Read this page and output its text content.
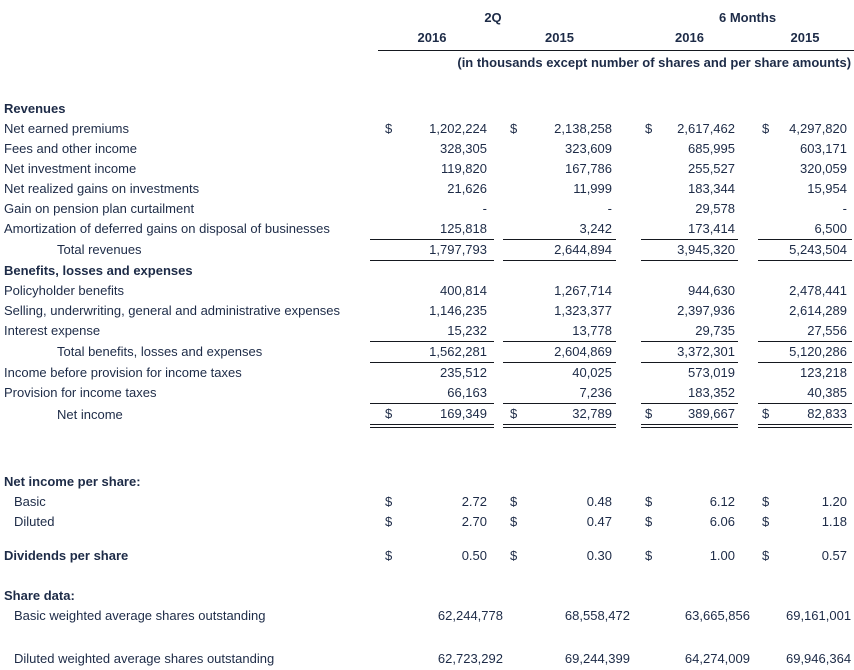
	2Q						6 Months					
	2016			2015			2016			2015		

(in thousands except number of shares and per share amounts)												

Revenues												
Net earned premiums	$	1,202,224		$	2,138,258		$	2,617,462		$	4,297,820	
Fees and other income		328,305			323,609			685,995			603,171	
Net investment income		119,820			167,786			255,527			320,059	
Net realized gains on investments		21,626			11,999			183,344			15,954	
Gain on pension plan curtailment		-			-			29,578			-	
Amortization of deferred gains on disposal of businesses		125,818			3,242			173,414			6,500	
Total revenues		1,797,793			2,644,894			3,945,320			5,243,504	
Benefits, losses and expenses												
Policyholder benefits		400,814			1,267,714			944,630			2,478,441	
Selling, underwriting, general and administrative expenses		1,146,235			1,323,377			2,397,936			2,614,289	
Interest expense		15,232			13,778			29,735			27,556	
Total benefits, losses and expenses		1,562,281			2,604,869			3,372,301			5,120,286	
Income before provision for income taxes		235,512			40,025			573,019			123,218	
Provision for income taxes		66,163			7,236			183,352			40,385	
Net income	$	169,349		$	32,789		$	389,667		$	82,833	

Net income per share:												
Basic	$	2.72		$	0.48		$	6.12		$	1.20	
Diluted	$	2.70		$	0.47		$	6.06		$	1.18	

Dividends per share	$	0.50		$	0.30		$	1.00		$	0.57	

Share data:												
Basic weighted average shares outstanding	62,244,778			68,558,472			63,665,856			69,161,001		

Diluted weighted average shares outstanding	62,723,292			69,244,399			64,274,009			69,946,364		
